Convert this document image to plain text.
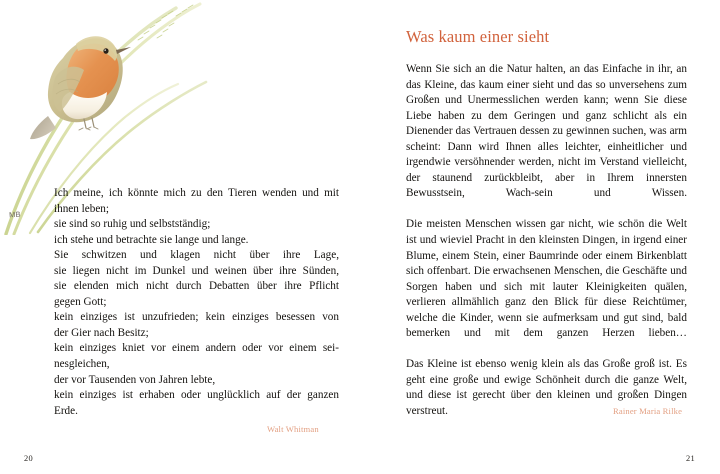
MB
Ich meine, ich könnte mich zu den Tieren wenden und mit
ihnen leben;
sie sind so ruhig und selbstständig;
ich stehe und betrachte sie lange und lange.
Sie schwitzen und klagen nicht über ihre Lage,
sie liegen nicht im Dunkel und weinen über ihre Sünden,
sie elenden mich nicht durch Debatten über ihre Pflicht
gegen Gott;
kein einziges ist unzufrieden; kein einziges besessen von
der Gier nach Besitz;
kein einziges kniet vor einem andern oder vor einem sei-
nesgleichen,
der vor Tausenden von Jahren lebte,
kein einziges ist erhaben oder unglücklich auf der ganzen
Erde.
Walt Whitman
20
Was kaum einer sieht

Wenn Sie sich an die Natur halten, an das Einfache in ihr, an das Kleine, das kaum einer sieht und das so unversehens zum Großen und Unermesslichen werden kann; wenn Sie diese Liebe haben zu dem Geringen und ganz schlicht als ein Dienender das Vertrauen dessen zu gewinnen suchen, was arm scheint: Dann wird Ihnen alles leichter, einheitlicher und irgendwie versöhnender werden, nicht im Verstand vielleicht, der staunend zurückbleibt, aber in Ihrem innersten Bewusstsein, Wach-sein und Wissen.

Die meisten Menschen wissen gar nicht, wie schön die Welt ist und wieviel Pracht in den kleinsten Dingen, in irgend einer Blume, einem Stein, einer Baumrinde oder einem Birkenblatt sich offenbart. Die erwachsenen Menschen, die Geschäfte und Sorgen haben und sich mit lauter Kleinigkeiten quälen, verlieren allmählich ganz den Blick für diese Reichtümer, welche die Kinder, wenn sie aufmerksam und gut sind, bald bemerken und mit dem ganzen Herzen lieben…

Das Kleine ist ebenso wenig klein als das Große groß ist. Es geht eine große und ewige Schönheit durch die ganze Welt, und diese ist gerecht über den kleinen und großen Dingen verstreut.	Rainer Maria Rilke
21
